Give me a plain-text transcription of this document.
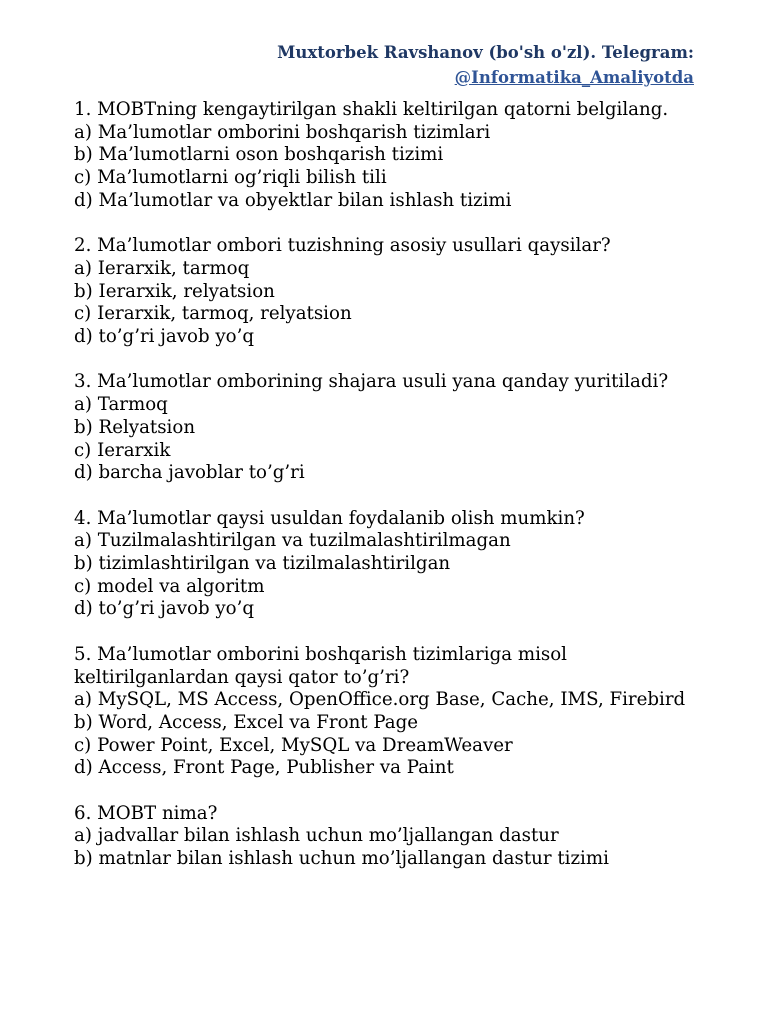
Muxtorbek Ravshanov (bo'sh o'zl). Telegram:
@Informatika_Amaliyotda
1. MOBTning kengaytirilgan shakli keltirilgan qatorni belgilang.
a) Ma’lumotlar omborini boshqarish tizimlari
b) Ma’lumotlarni oson boshqarish tizimi
c) Ma’lumotlarni og’riqli bilish tili
d) Ma’lumotlar va obyektlar bilan ishlash tizimi
2. Ma’lumotlar ombori tuzishning asosiy usullari qaysilar?
a) Ierarxik, tarmoq
b) Ierarxik, relyatsion
c) Ierarxik, tarmoq, relyatsion
d) to’g’ri javob yo’q
3. Ma’lumotlar omborining shajara usuli yana qanday yuritiladi?
a) Tarmoq
b) Relyatsion
c) Ierarxik
d) barcha javoblar to’g’ri
4. Ma’lumotlar qaysi usuldan foydalanib olish mumkin?
a) Tuzilmalashtirilgan va tuzilmalashtirilmagan
b) tizimlashtirilgan va tizilmalashtirilgan
c) model va algoritm
d) to’g’ri javob yo’q
5. Ma’lumotlar omborini boshqarish tizimlariga misol keltirilganlardan qaysi qator to’g’ri?
a) MySQL, MS Access, OpenOffice.org Base, Cache, IMS, Firebird
b) Word, Access, Excel va Front Page
c) Power Point, Excel, MySQL va DreamWeaver
d) Access, Front Page, Publisher va Paint
6. MOBT nima?
a) jadvallar bilan ishlash uchun mo’ljallangan dastur
b) matnlar bilan ishlash uchun mo’ljallangan dastur tizimi
